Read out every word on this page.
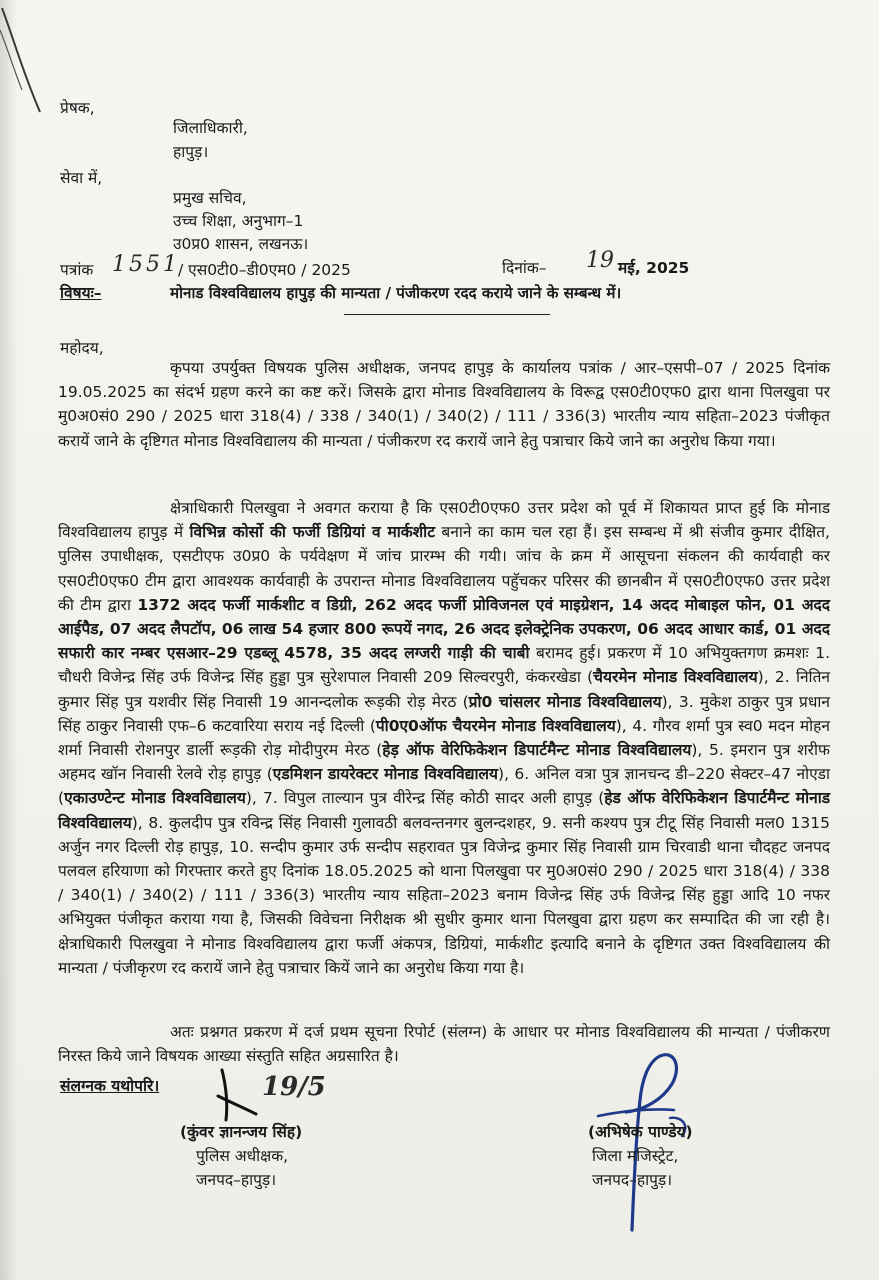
प्रेषक,
जिलाधिकारी,
हापुड़।
सेवा में,
प्रमुख सचिव,
उच्च शिक्षा, अनुभाग–1
उ0प्र0 शासन, लखनऊ।
पत्रांक 1551
/ एस0टी0–डी0एम0 / 2025	दिनांक– 19 मई, 2025
विषयः–	मोनाड विश्वविद्यालय हापुड़ की मान्यता / पंजीकरण रदद कराये जाने के सम्बन्ध में।
महोदय,
कृपया उपर्युक्त विषयक पुलिस अधीक्षक, जनपद हापुड़ के कार्यालय पत्रांक / आर–एसपी–07 / 2025 दिनांक 19.05.2025 का संदर्भ ग्रहण करने का कष्ट करें। जिसके द्वारा मोनाड विश्वविद्यालय के विरूद्व एस0टी0एफ0 द्वारा थाना पिलखुवा पर मु0अ0सं0 290 / 2025 धारा 318(4) / 338 / 340(1) / 340(2) / 111 / 336(3) भारतीय न्याय सहिता–2023 पंजीकृत करायें जाने के दृष्टिगत मोनाड विश्वविद्यालय की मान्यता / पंजीकरण रद करायें जाने हेतु पत्राचार किये जाने का अनुरोध किया गया।
क्षेत्राधिकारी पिलखुवा ने अवगत कराया है कि एस0टी0एफ0 उत्तर प्रदेश को पूर्व में शिकायत प्राप्त हुई कि मोनाड विश्वविद्यालय हापुड़ में विभिन्न कोर्सो की फर्जी डिग्रियां व मार्कशीट बनाने का काम चल रहा हैं। इस सम्बन्ध में श्री संजीव कुमार दीक्षित, पुलिस उपाधीक्षक, एसटीएफ उ0प्र0 के पर्यवेक्षण में जांच प्रारम्भ की गयी। जांच के क्रम में आसूचना संकलन की कार्यवाही कर एस0टी0एफ0 टीम द्वारा आवश्यक कार्यवाही के उपरान्त मोनाड विश्वविद्यालय पहुॅचकर परिसर की छानबीन में एस0टी0एफ0 उत्तर प्रदेश की टीम द्वारा 1372 अदद फर्जी मार्कशीट व डिग्री, 262 अदद फर्जी प्रोविजनल एवं माइग्रेशन, 14 अदद मोबाइल फोन, 01 अदद आईपैड, 07 अदद लैपटॉप, 06 लाख 54 हजार 800 रूपयें नगद, 26 अदद इलेक्ट्रेनिक उपकरण, 06 अदद आधार कार्ड, 01 अदद सफारी कार नम्बर एसआर–29 एडब्लू 4578, 35 अदद लग्जरी गाड़ी की चाबी बरामद हुई। प्रकरण में 10 अभियुक्तगण क्रमशः 1. चौधरी विजेन्द्र सिंह उर्फ विजेन्द्र सिंह हुड्डा पुत्र सुरेशपाल निवासी 209 सिल्वरपुरी, कंकरखेडा (चैयरमेन मोनाड विश्वविद्यालय), 2. नितिन कुमार सिंह पुत्र यशवीर सिंह निवासी 19 आनन्दलोक रूड़की रोड़ मेरठ (प्रो0 चांसलर मोनाड विश्वविद्यालय), 3. मुकेश ठाकुर पुत्र प्रधान सिंह ठाकुर निवासी एफ–6 कटवारिया सराय नई दिल्ली (पी0ए0ऑफ चैयरमेन मोनाड विश्वविद्यालय), 4. गौरव शर्मा पुत्र स्व0 मदन मोहन शर्मा निवासी रोशनपुर डार्ली रूड़की रोड़ मोदीपुरम मेरठ (हेड़ ऑफ वेरिफिकेशन डिपार्टमैन्ट मोनाड विश्वविद्यालय), 5. इमरान पुत्र शरीफ अहमद खॉन निवासी रेलवे रोड़ हापुड़ (एडमिशन डायरेक्टर मोनाड विश्वविद्यालय), 6. अनिल वत्रा पुत्र ज्ञानचन्द डी–220 सेक्टर–47 नोएडा (एकाउण्टेन्ट मोनाड विश्वविद्यालय), 7. विपुल ताल्यान पुत्र वीरेन्द्र सिंह कोठी सादर अली हापुड़ (हेड ऑफ वेरिफिकेशन डिपार्टमैन्ट मोनाड विश्वविद्यालय), 8. कुलदीप पुत्र रविन्द्र सिंह निवासी गुलावठी बलवन्तनगर बुलन्दशहर, 9. सनी कश्यप पुत्र टीटू सिंह निवासी मल0 1315 अर्जुन नगर दिल्ली रोड़ हापुड़, 10. सन्दीप कुमार उर्फ सन्दीप सहरावत पुत्र विजेन्द्र कुमार सिंह निवासी ग्राम चिरवाडी थाना चौदहट जनपद पलवल हरियाणा को गिरफ्तार करते हुए दिनांक 18.05.2025 को थाना पिलखुवा पर मु0अ0सं0 290 / 2025 धारा 318(4) / 338 / 340(1) / 340(2) / 111 / 336(3) भारतीय न्याय सहिता–2023 बनाम विजेन्द्र सिंह उर्फ विजेन्द्र सिंह हुड्डा आदि 10 नफर अभियुक्त पंजीकृत कराया गया है, जिसकी विवेचना निरीक्षक श्री सुधीर कुमार थाना पिलखुवा द्वारा ग्रहण कर सम्पादित की जा रही है। क्षेत्राधिकारी पिलखुवा ने मोनाड विश्वविद्यालय द्वारा फर्जी अंकपत्र, डिग्रियां, मार्कशीट इत्यादि बनाने के दृष्टिगत उक्त विश्वविद्यालय की मान्यता / पंजीकृरण रद करायें जाने हेतु पत्राचार कियें जाने का अनुरोध किया गया है।
अतः प्रश्नगत प्रकरण में दर्ज प्रथम सूचना रिपोर्ट (संलग्न) के आधार पर मोनाड विश्वविद्यालय की मान्यता / पंजीकरण निरस्त किये जाने विषयक आख्या संस्तुति सहित अग्रसारित है।
संलग्नक यथोपरि।	19/5
(कुंवर ज्ञानन्जय सिंह)
पुलिस अधीक्षक,
जनपद–हापुड़।
(अभिषेक पाण्डेय)
जिला मजिस्ट्रेट,
जनपद–हापुड़।
